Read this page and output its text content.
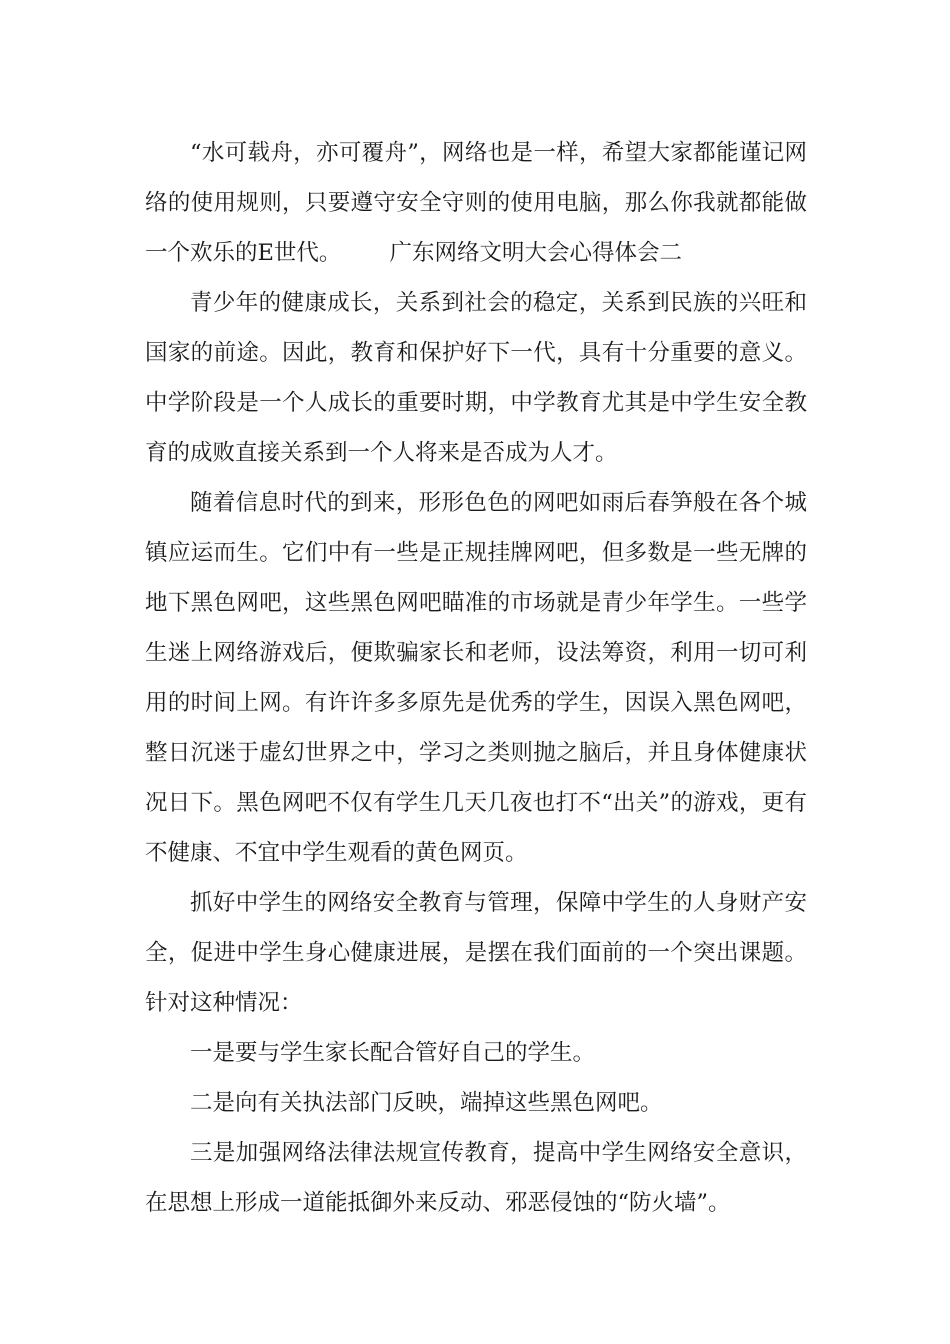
“水可载舟，亦可覆舟”，网络也是一样，希望大家都能谨记网络的使用规则，只要遵守安全守则的使用电脑，那么你我就都能做一个欢乐的E世代。 广东网络文明大会心得体会二

青少年的健康成长，关系到社会的稳定，关系到民族的兴旺和国家的前途。因此，教育和保护好下一代，具有十分重要的意义。中学阶段是一个人成长的重要时期，中学教育尤其是中学生安全教育的成败直接关系到一个人将来是否成为人才。

随着信息时代的到来，形形色色的网吧如雨后春笋般在各个城镇应运而生。它们中有一些是正规挂牌网吧，但多数是一些无牌的地下黑色网吧，这些黑色网吧瞄准的市场就是青少年学生。一些学生迷上网络游戏后，便欺骗家长和老师，设法筹资，利用一切可利用的时间上网。有许许多多原先是优秀的学生，因误入黑色网吧，整日沉迷于虚幻世界之中，学习之类则抛之脑后，并且身体健康状况日下。黑色网吧不仅有学生几天几夜也打不“出关”的游戏，更有不健康、不宜中学生观看的黄色网页。

抓好中学生的网络安全教育与管理，保障中学生的人身财产安全，促进中学生身心健康进展，是摆在我们面前的一个突出课题。针对这种情况：

一是要与学生家长配合管好自己的学生。

二是向有关执法部门反映，端掉这些黑色网吧。

三是加强网络法律法规宣传教育，提高中学生网络安全意识，在思想上形成一道能抵御外来反动、邪恶侵蚀的“防火墙”。
